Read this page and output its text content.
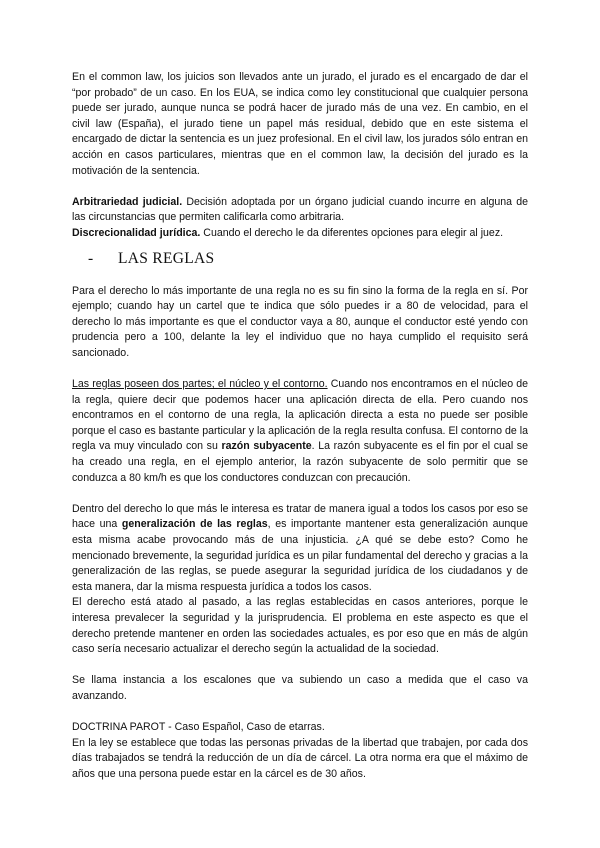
En el common law, los juicios son llevados ante un jurado, el jurado es el encargado de dar el “por probado” de un caso. En los EUA, se indica como ley constitucional que cualquier persona puede ser jurado, aunque nunca se podrá hacer de jurado más de una vez. En cambio, en el civil law (España), el jurado tiene un papel más residual, debido que en este sistema el encargado de dictar la sentencia es un juez profesional. En el civil law, los jurados sólo entran en acción en casos particulares, mientras que en el common law, la decisión del jurado es la motivación de la sentencia.

Arbitrariedad judicial. Decisión adoptada por un órgano judicial cuando incurre en alguna de las circunstancias que permiten calificarla como arbitraria.

Discrecionalidad jurídica. Cuando el derecho le da diferentes opciones para elegir al juez.

-	LAS REGLAS

Para el derecho lo más importante de una regla no es su fin sino la forma de la regla en sí. Por ejemplo; cuando hay un cartel que te indica que sólo puedes ir a 80 de velocidad, para el derecho lo más importante es que el conductor vaya a 80, aunque el conductor esté yendo con prudencia pero a 100, delante la ley el individuo que no haya cumplido el requisito será sancionado.

Las reglas poseen dos partes; el núcleo y el contorno. Cuando nos encontramos en el núcleo de la regla, quiere decir que podemos hacer una aplicación directa de ella. Pero cuando nos encontramos en el contorno de una regla, la aplicación directa a esta no puede ser posible porque el caso es bastante particular y la aplicación de la regla resulta confusa. El contorno de la regla va muy vinculado con su razón subyacente. La razón subyacente es el fin por el cual se ha creado una regla, en el ejemplo anterior, la razón subyacente de solo permitir que se conduzca a 80 km/h es que los conductores conduzcan con precaución.

Dentro del derecho lo que más le interesa es tratar de manera igual a todos los casos por eso se hace una generalización de las reglas, es importante mantener esta generalización aunque esta misma acabe provocando más de una injusticia. ¿A qué se debe esto? Como he mencionado brevemente, la seguridad jurídica es un pilar fundamental del derecho y gracias a la generalización de las reglas, se puede asegurar la seguridad jurídica de los ciudadanos y de esta manera, dar la misma respuesta jurídica a todos los casos.

El derecho está atado al pasado, a las reglas establecidas en casos anteriores, porque le interesa prevalecer la seguridad y la jurisprudencia. El problema en este aspecto es que el derecho pretende mantener en orden las sociedades actuales, es por eso que en más de algún caso sería necesario actualizar el derecho según la actualidad de la sociedad.

Se llama instancia a los escalones que va subiendo un caso a medida que el caso va avanzando.

DOCTRINA PAROT - Caso Español, Caso de etarras.

En la ley se establece que todas las personas privadas de la libertad que trabajen, por cada dos días trabajados se tendrá la reducción de un día de cárcel. La otra norma era que el máximo de años que una persona puede estar en la cárcel es de 30 años.
